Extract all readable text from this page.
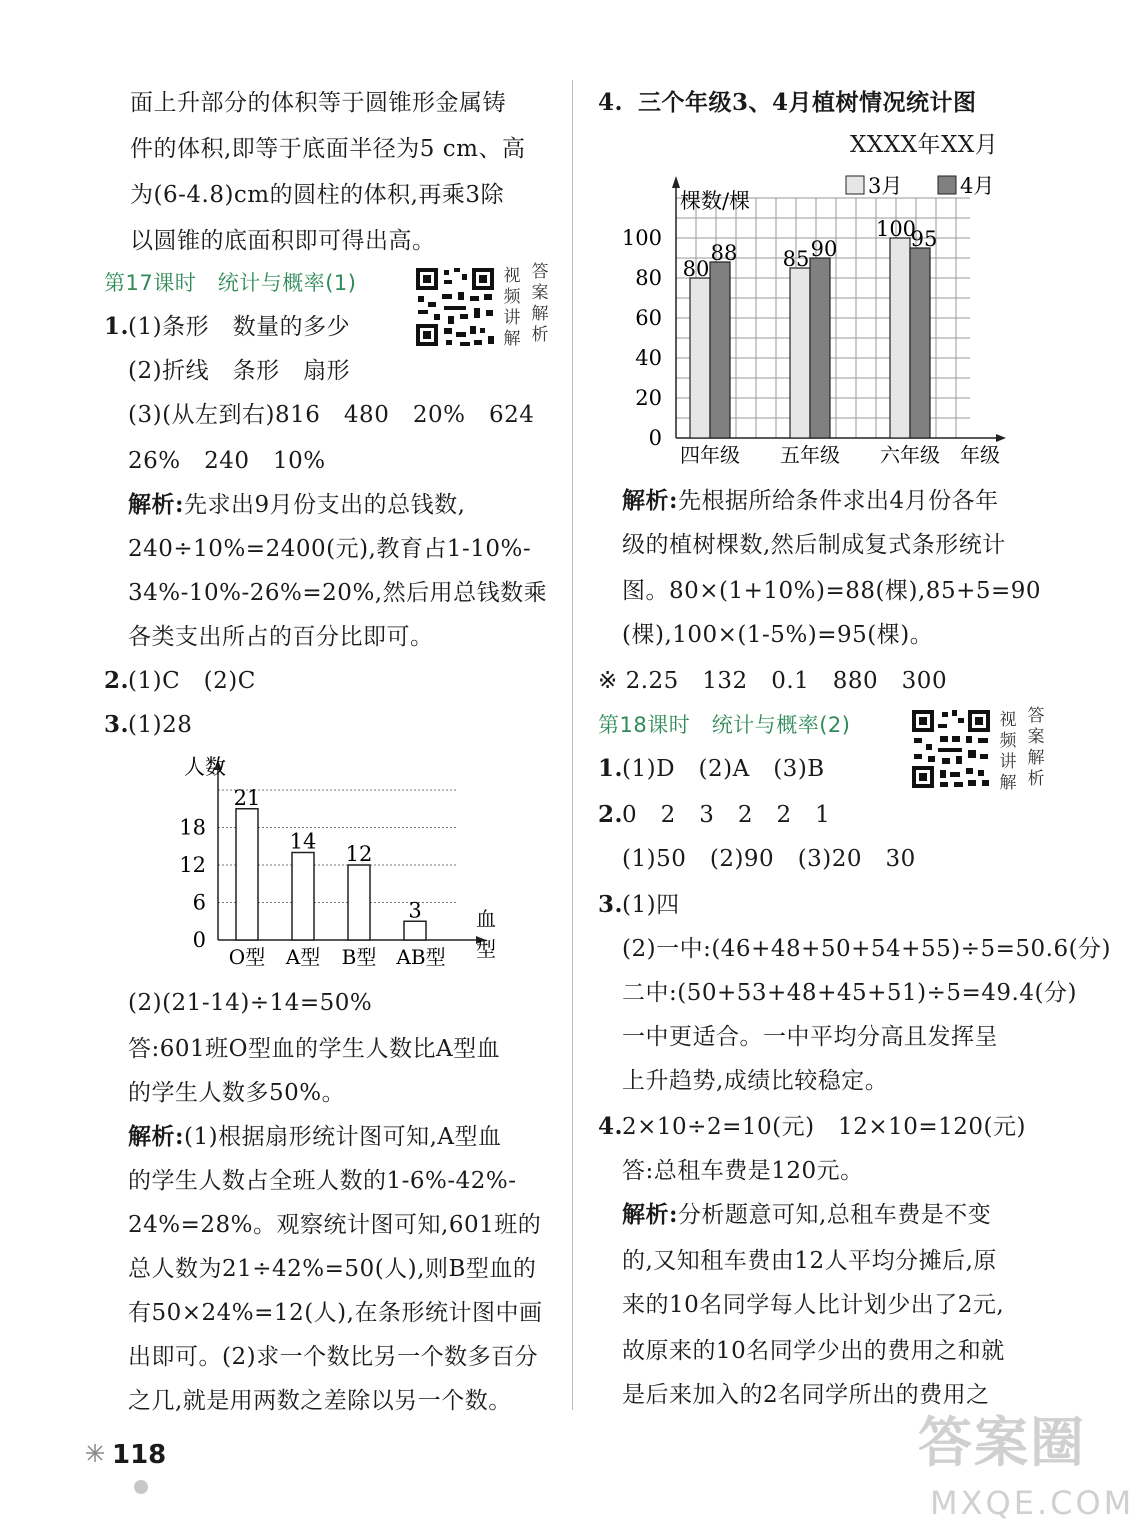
面上升部分的体积等于圆锥形金属铸
件的体积,即等于底面半径为5 cm、高
为(6-4.8)cm的圆柱的体积,再乘3除
以圆锥的底面积即可得出高。
第17课时　统计与概率(1)	视
频
讲
解
答
案
解
析
1.
(1)条形　数量的多少
(2)折线　条形　扇形
(3)(从左到右)816　480　20%　624
26%　240　10%
解析:先求出9月份支出的总钱数,
240÷10%=2400(元),教育占1-10%-
34%-10%-26%=20%,然后用总钱数乘
各类支出所占的百分比即可。
2.
(1)C　(2)C
3.
(1)28
人数
血
型
0
6
12
18
21
O型
14
A型
12
B型
3
AB型
(2)(21-14)÷14=50%
答:601班O型血的学生人数比A型血
的学生人数多50%。
解析:(1)根据扇形统计图可知,A型血
的学生人数占全班人数的1-6%-42%-
24%=28%。观察统计图可知,601班的
总人数为21÷42%=50(人),则B型血的
有50×24%=12(人),在条形统计图中画
出即可。(2)求一个数比另一个数多百分
之几,就是用两数之差除以另一个数。
4. 三个年级3、4月植树情况统计图
XXXX年XX月
棵数/棵
年级
0
20
40
60
80
100
3月	4月
80
88
四年级
85 90
五年级
100
95
六年级
解析:先根据所给条件求出4月份各年
级的植树棵数,然后制成复式条形统计
图。80×(1+10%)=88(棵),85+5=90
(棵),100×(1-5%)=95(棵)。
※ 2.25　132　0.1　880　300
第18课时　统计与概率(2)	视
频
讲
解
答
案
解
析
1.
(1)D　(2)A　(3)B
2.
0　2　3　2　2　1
(1)50　(2)90　(3)20　30
3.
(1)四
(2)一中:(46+48+50+54+55)÷5=50.6(分)
二中:(50+53+48+45+51)÷5=49.4(分)
一中更适合。一中平均分高且发挥呈
上升趋势,成绩比较稳定。
4.
2×10÷2=10(元)　12×10=120(元)
答:总租车费是120元。
解析:分析题意可知,总租车费是不变
的,又知租车费由12人平均分摊后,原
来的10名同学每人比计划少出了2元,
故原来的10名同学少出的费用之和就
是后来加入的2名同学所出的费用之
118	答案圈
MXQE.COM
